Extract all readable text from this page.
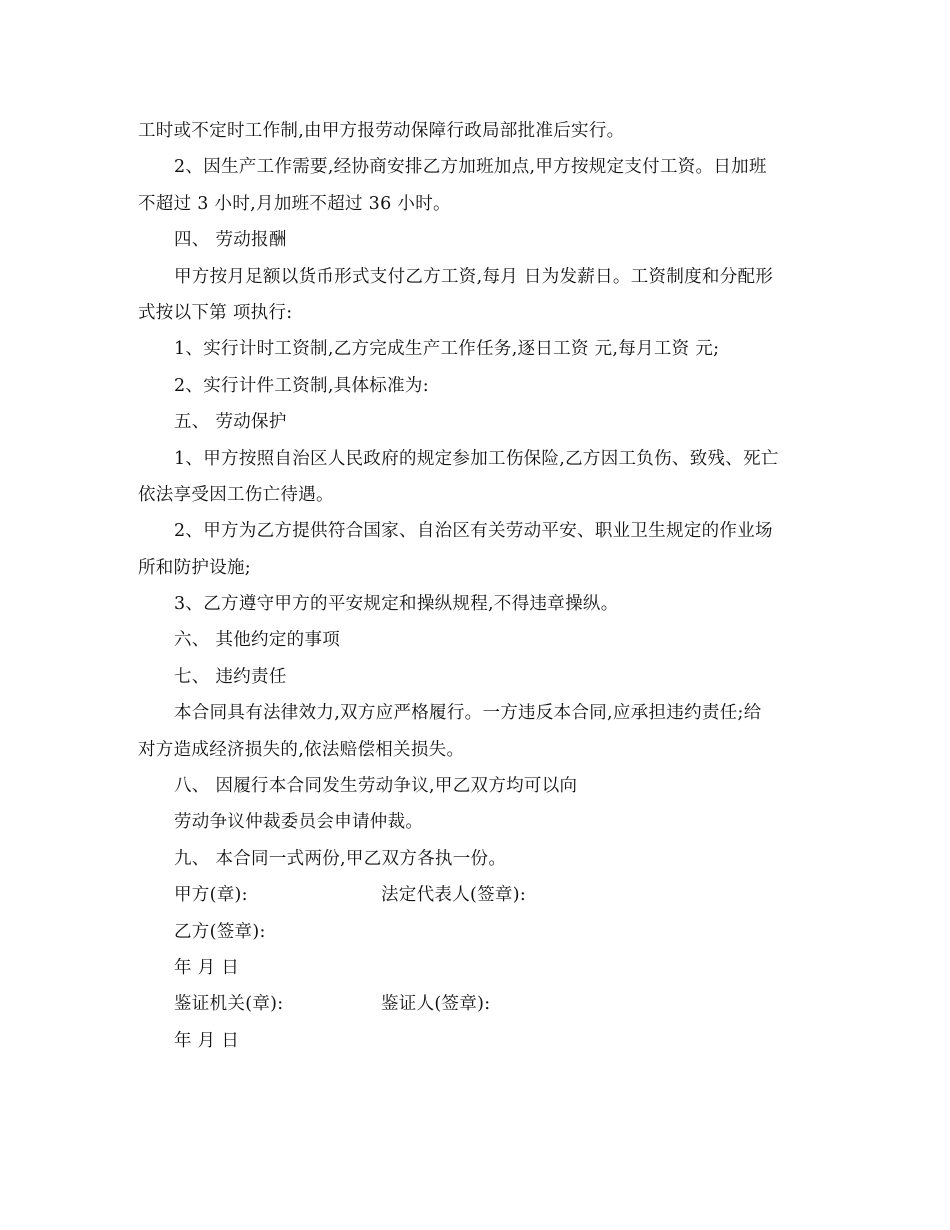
工时或不定时工作制,由甲方报劳动保障行政局部批准后实行。
2、因生产工作需要,经协商安排乙方加班加点,甲方按规定支付工资。日加班
不超过 3 小时,月加班不超过 36 小时。
四、 劳动报酬
甲方按月足额以货币形式支付乙方工资,每月 日为发薪日。工资制度和分配形
式按以下第 项执行:
1、实行计时工资制,乙方完成生产工作任务,逐日工资 元,每月工资 元;
2、实行计件工资制,具体标准为:
五、 劳动保护
1、甲方按照自治区人民政府的规定参加工伤保险,乙方因工负伤、致残、死亡
依法享受因工伤亡待遇。
2、甲方为乙方提供符合国家、自治区有关劳动平安、职业卫生规定的作业场
所和防护设施;
3、乙方遵守甲方的平安规定和操纵规程,不得违章操纵。
六、 其他约定的事项
七、 违约责任
本合同具有法律效力,双方应严格履行。一方违反本合同,应承担违约责任;给
对方造成经济损失的,依法赔偿相关损失。
八、 因履行本合同发生劳动争议,甲乙双方均可以向
劳动争议仲裁委员会申请仲裁。
九、 本合同一式两份,甲乙双方各执一份。
甲方(章):	法定代表人(签章):
乙方(签章):
年 月 日
鉴证机关(章):	鉴证人(签章):
年 月 日
